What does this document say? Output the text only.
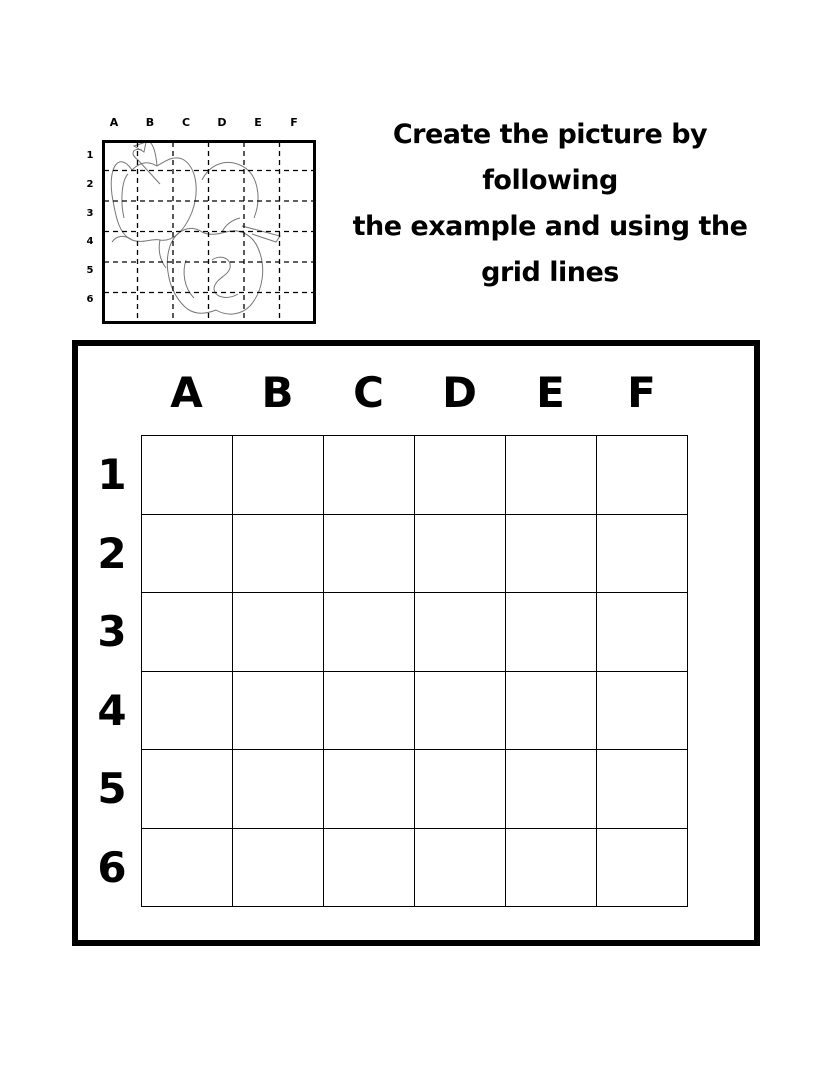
A	B	C	D	E	F
1
2
3
4
5
6
Create the picture by
following
the example and using the
grid lines
A	B	C	D	E	F
1
2
3
4
5
6
